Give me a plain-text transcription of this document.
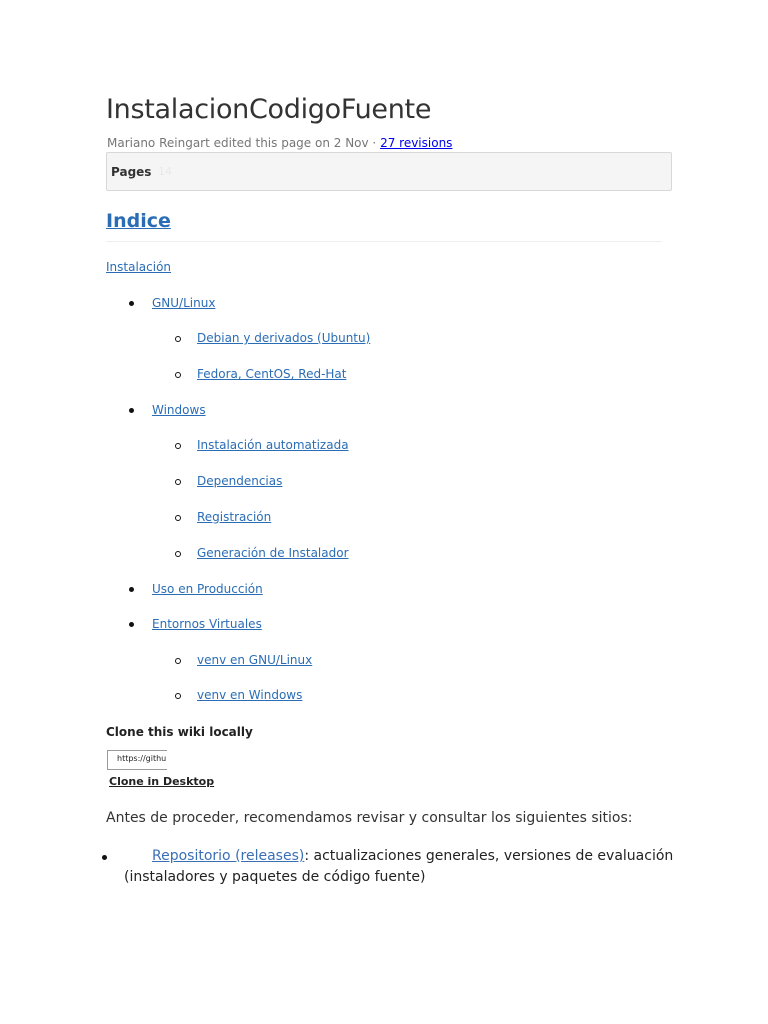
InstalacionCodigoFuente
Mariano Reingart edited this page on 2 Nov · 27 revisions
Pages 14
Indice
Instalación
GNU/Linux
Debian y derivados (Ubuntu)
Fedora, CentOS, Red-Hat
Windows
Instalación automatizada
Dependencias
Registración
Generación de Instalador
Uso en Producción
Entornos Virtuales
venv en GNU/Linux
venv en Windows
Clone this wiki locally
https://githu
Clone in Desktop
Antes de proceder, recomendamos revisar y consultar los siguientes sitios:
Repositorio (releases): actualizaciones generales, versiones de evaluación
(instaladores y paquetes de código fuente)
